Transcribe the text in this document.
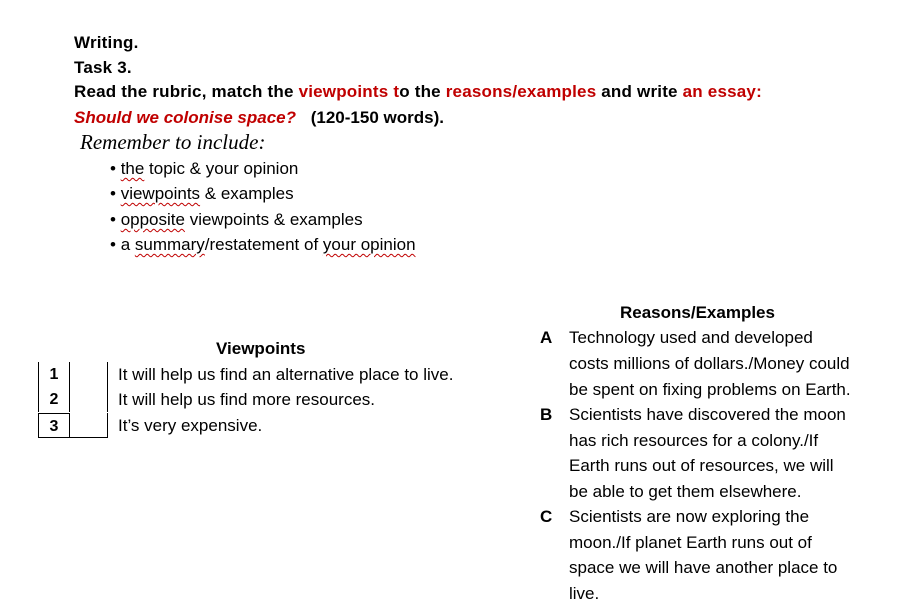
Writing.
Task 3.
Read the rubric, match the viewpoints to the reasons/examples and write an essay:
Should we colonise space? (120-150 words).
Remember to include:
• the topic & your opinion
• viewpoints & examples
• opposite viewpoints & examples
• a summary/restatement of your opinion
Viewpoints
1	It will help us find an alternative place to live.
2	It will help us find more resources.
3	It’s very expensive.
Reasons/Examples
A Technology used and developed
costs millions of dollars./Money could
be spent on fixing problems on Earth.
B Scientists have discovered the moon
has rich resources for a colony./If
Earth runs out of resources, we will
be able to get them elsewhere.
C Scientists are now exploring the
moon./If planet Earth runs out of
space we will have another place to
live.
